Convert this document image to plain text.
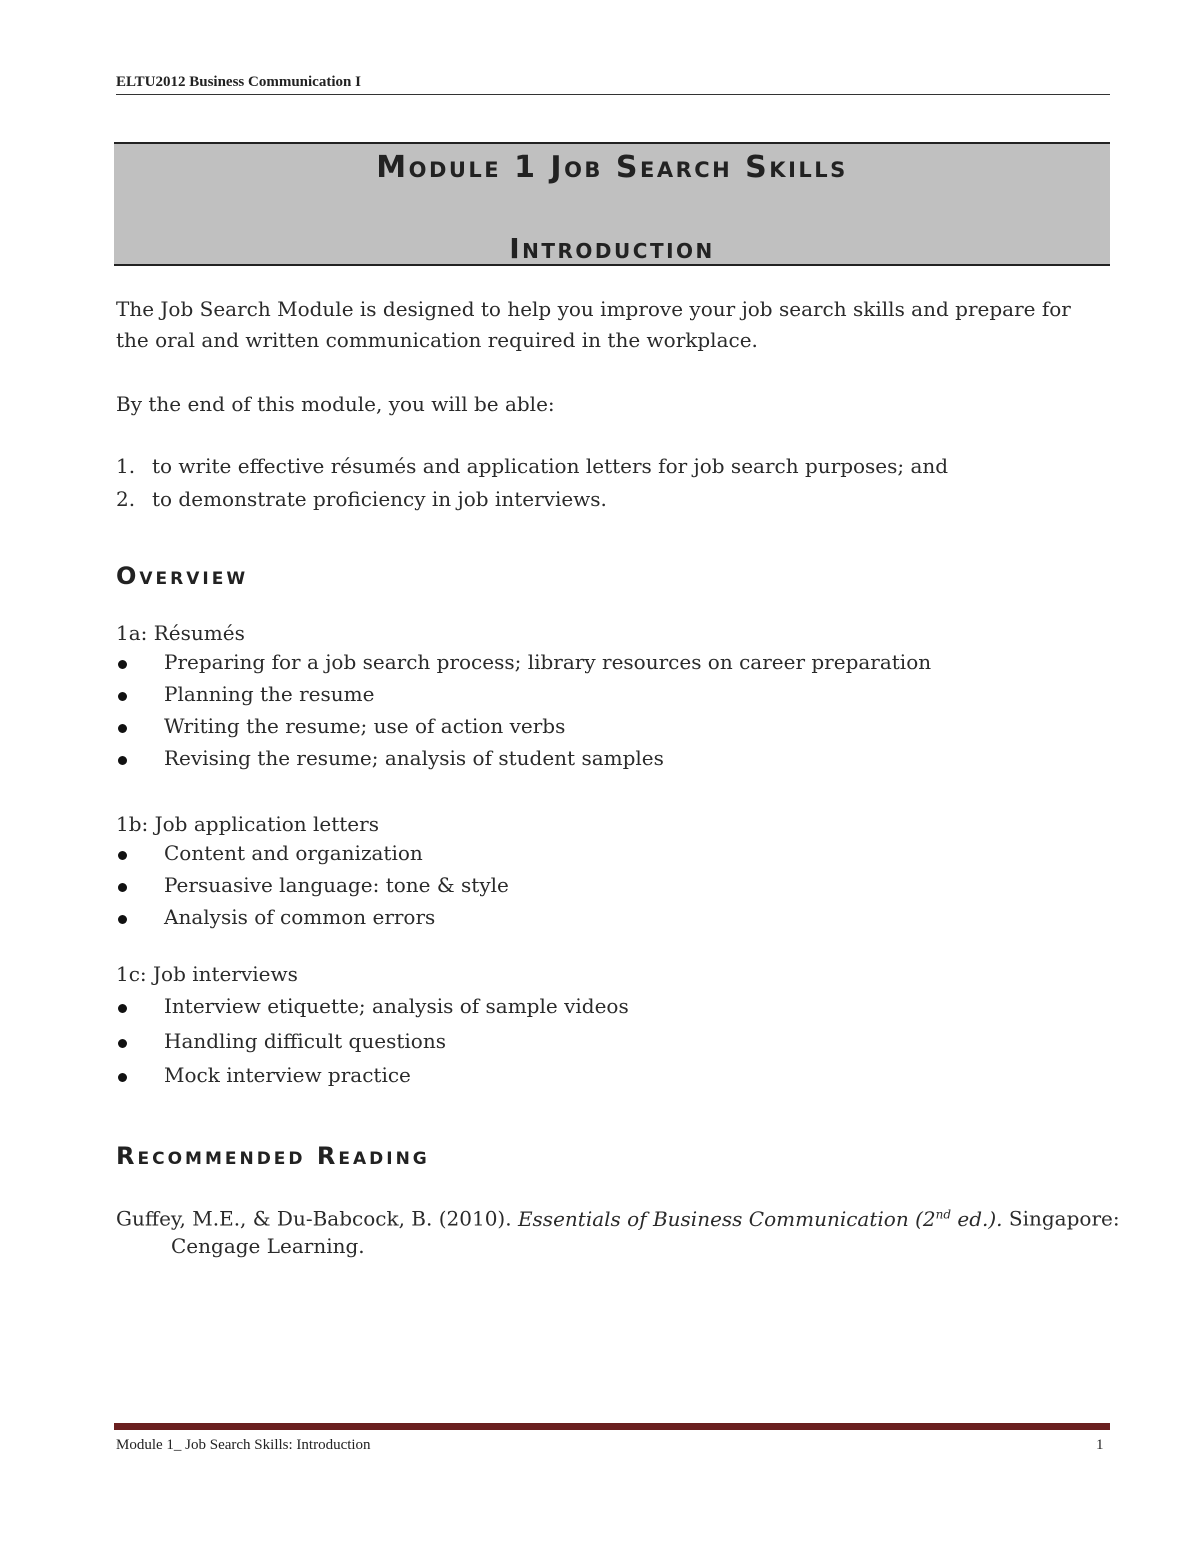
ELTU2012 Business Communication I
Module 1 Job Search Skills
Introduction
The Job Search Module is designed to help you improve your job search skills and prepare for
the oral and written communication required in the workplace.
By the end of this module, you will be able:
1. to write effective résumés and application letters for job search purposes; and
2. to demonstrate proficiency in job interviews.
Overview
1a: Résumés
Preparing for a job search process; library resources on career preparation
Planning the resume
Writing the resume; use of action verbs
Revising the resume; analysis of student samples
1b: Job application letters
Content and organization
Persuasive language: tone & style
Analysis of common errors
1c: Job interviews
Interview etiquette; analysis of sample videos
Handling difficult questions
Mock interview practice
Recommended Reading
Guffey, M.E., & Du-Babcock, B. (2010). Essentials of Business Communication (2nd ed.). Singapore:
Cengage Learning.
Module 1_ Job Search Skills: Introduction	1
